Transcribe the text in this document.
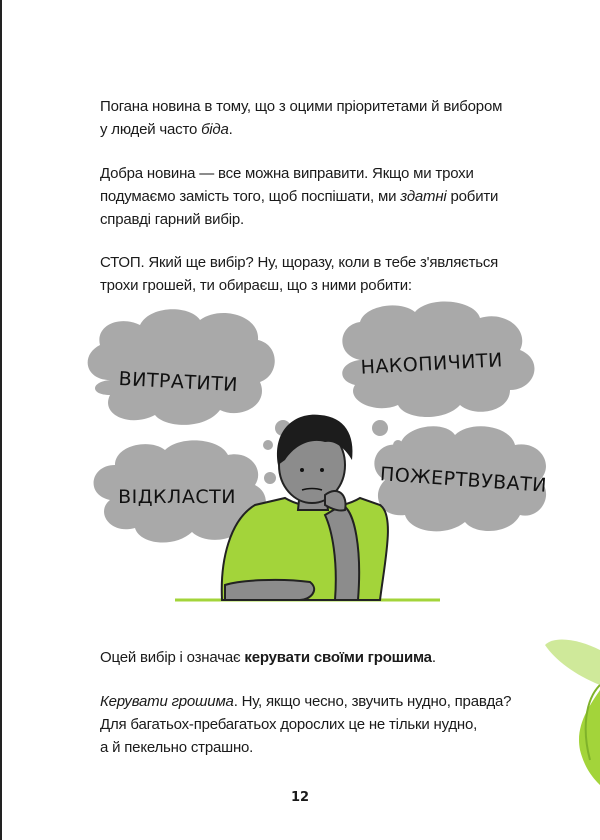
Погана новина в тому, що з оцими пріоритетами й вибором
у людей часто біда.
Добра новина — все можна виправити. Якщо ми трохи
подумаємо замість того, щоб поспішати, ми здатні робити
справді гарний вибір.
СТОП. Який ще вибір? Ну, щоразу, коли в тебе з'являється
трохи грошей, ти обираєш, що з ними робити:
ВИТРАТИТИ
НАКОПИЧИТИ
ВІДКЛАСТИ
ПОЖЕРТВУВАТИ
Оцей вибір і означає керувати своїми грошима.
Керувати грошима. Ну, якщо чесно, звучить нудно, правда?
Для багатьох-пребагатьох дорослих це не тільки нудно,
а й пекельно страшно.
12
